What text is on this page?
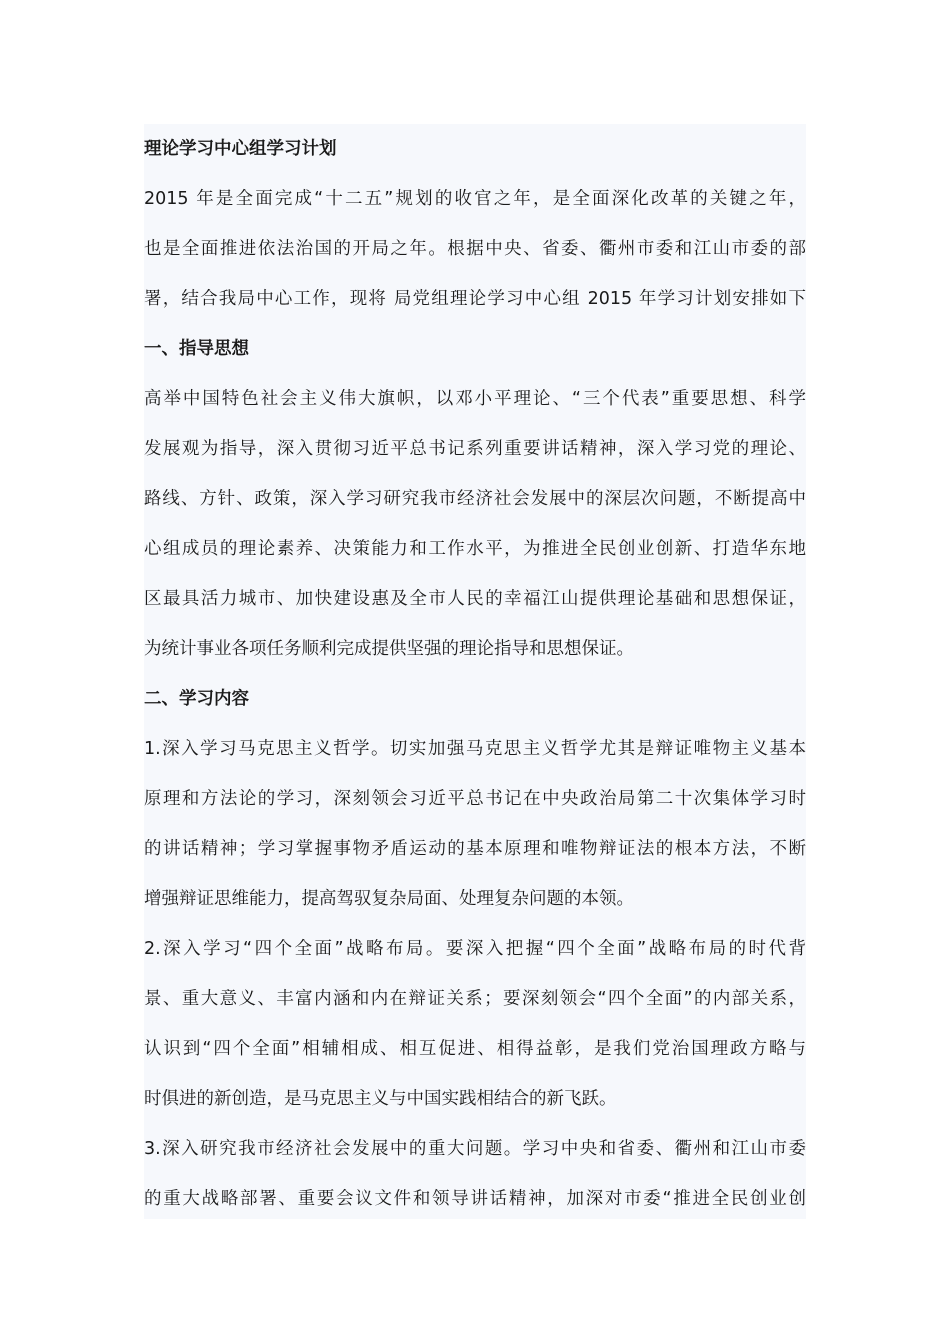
理论学习中心组学习计划
2015 年是全面完成“十二五”规划的收官之年，是全面深化改革的关键之年，
也是全面推进依法治国的开局之年。根据中央、省委、衢州市委和江山市委的部
署，结合我局中心工作，现将 局党组理论学习中心组 2015 年学习计划安排如下
一、指导思想
高举中国特色社会主义伟大旗帜，以邓小平理论、“三个代表”重要思想、科学
发展观为指导，深入贯彻习近平总书记系列重要讲话精神，深入学习党的理论、
路线、方针、政策，深入学习研究我市经济社会发展中的深层次问题，不断提高中
心组成员的理论素养、决策能力和工作水平，为推进全民创业创新、打造华东地
区最具活力城市、加快建设惠及全市人民的幸福江山提供理论基础和思想保证，
为统计事业各项任务顺利完成提供坚强的理论指导和思想保证。
二、学习内容
1.深入学习马克思主义哲学。切实加强马克思主义哲学尤其是辩证唯物主义基本
原理和方法论的学习，深刻领会习近平总书记在中央政治局第二十次集体学习时
的讲话精神；学习掌握事物矛盾运动的基本原理和唯物辩证法的根本方法，不断
增强辩证思维能力，提高驾驭复杂局面、处理复杂问题的本领。
2.深入学习“四个全面”战略布局。要深入把握“四个全面”战略布局的时代背
景、重大意义、丰富内涵和内在辩证关系；要深刻领会“四个全面”的内部关系，
认识到“四个全面”相辅相成、相互促进、相得益彰，是我们党治国理政方略与
时俱进的新创造，是马克思主义与中国实践相结合的新飞跃。
3.深入研究我市经济社会发展中的重大问题。学习中央和省委、衢州和江山市委
的重大战略部署、重要会议文件和领导讲话精神，加深对市委“推进全民创业创
